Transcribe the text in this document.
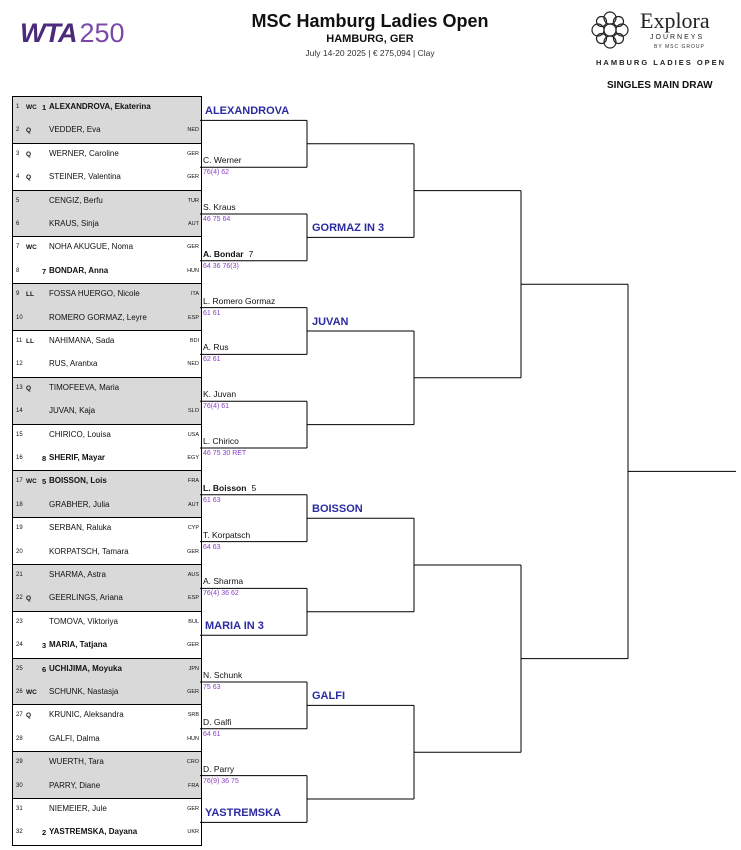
WTA 250	MSC Hamburg Ladies Open
HAMBURG, GER
July 14-20 2025 | € 275,094 | Clay
Explora
JOURNEYS
BY MSC GROUP
HAMBURG LADIES OPEN
SINGLES MAIN DRAW
1 WC 1 ALEXANDROVA, Ekaterina
2 Q VEDDER, Eva	NED
3 Q WERNER, Caroline	GER
4 Q STEINER, Valentina	GER
5	CENGIZ, Berfu	TUR
6	KRAUS, Sinja	AUT
7 WC NOHA AKUGUE, Noma	GER
8	7 BONDAR, Anna	HUN
9 LL FOSSA HUERGO, Nicole	ITA
10	ROMERO GORMAZ, Leyre	ESP
11 LL NAHIMANA, Sada	BDI
12	RUS, Arantxa	NED
13 Q TIMOFEEVA, Maria
14	JUVAN, Kaja	SLO
15	CHIRICO, Louisa	USA
16	8 SHERIF, Mayar	EGY
17 WC 5 BOISSON, Lois	FRA
18	GRABHER, Julia	AUT
19	SERBAN, Raluka	CYP
20	KORPATSCH, Tamara	GER
21	SHARMA, Astra	AUS
22 Q GEERLINGS, Ariana	ESP
23	TOMOVA, Viktoriya	BUL
24	3 MARIA, Tatjana	GER
25	6 UCHIJIMA, Moyuka	JPN
26 WC SCHUNK, Nastasja	GER
27 Q KRUNIC, Aleksandra	SRB
28	GALFI, Dalma	HUN
29	WUERTH, Tara	CRO
30	PARRY, Diane	FRA
31	NIEMEIER, Jule	GER
32	2 YASTREMSKA, Dayana	UKR
ALEXANDROVA
C. Werner
76(4) 62
S. Kraus
46 75 64
A. Bondar 7
64 36 76(3)
L. Romero Gormaz
61 61
A. Rus
62 61
K. Juvan
76(4) 61
L. Chirico
46 75 30 RET
L. Boisson 5
61 63
T. Korpatsch
64 63
A. Sharma
76(4) 36 62
MARIA IN 3
N. Schunk
75 63
D. Galfi
64 61
D. Parry
76(9) 36 75
YASTREMSKA
GORMAZ IN 3
JUVAN
BOISSON
GALFI
